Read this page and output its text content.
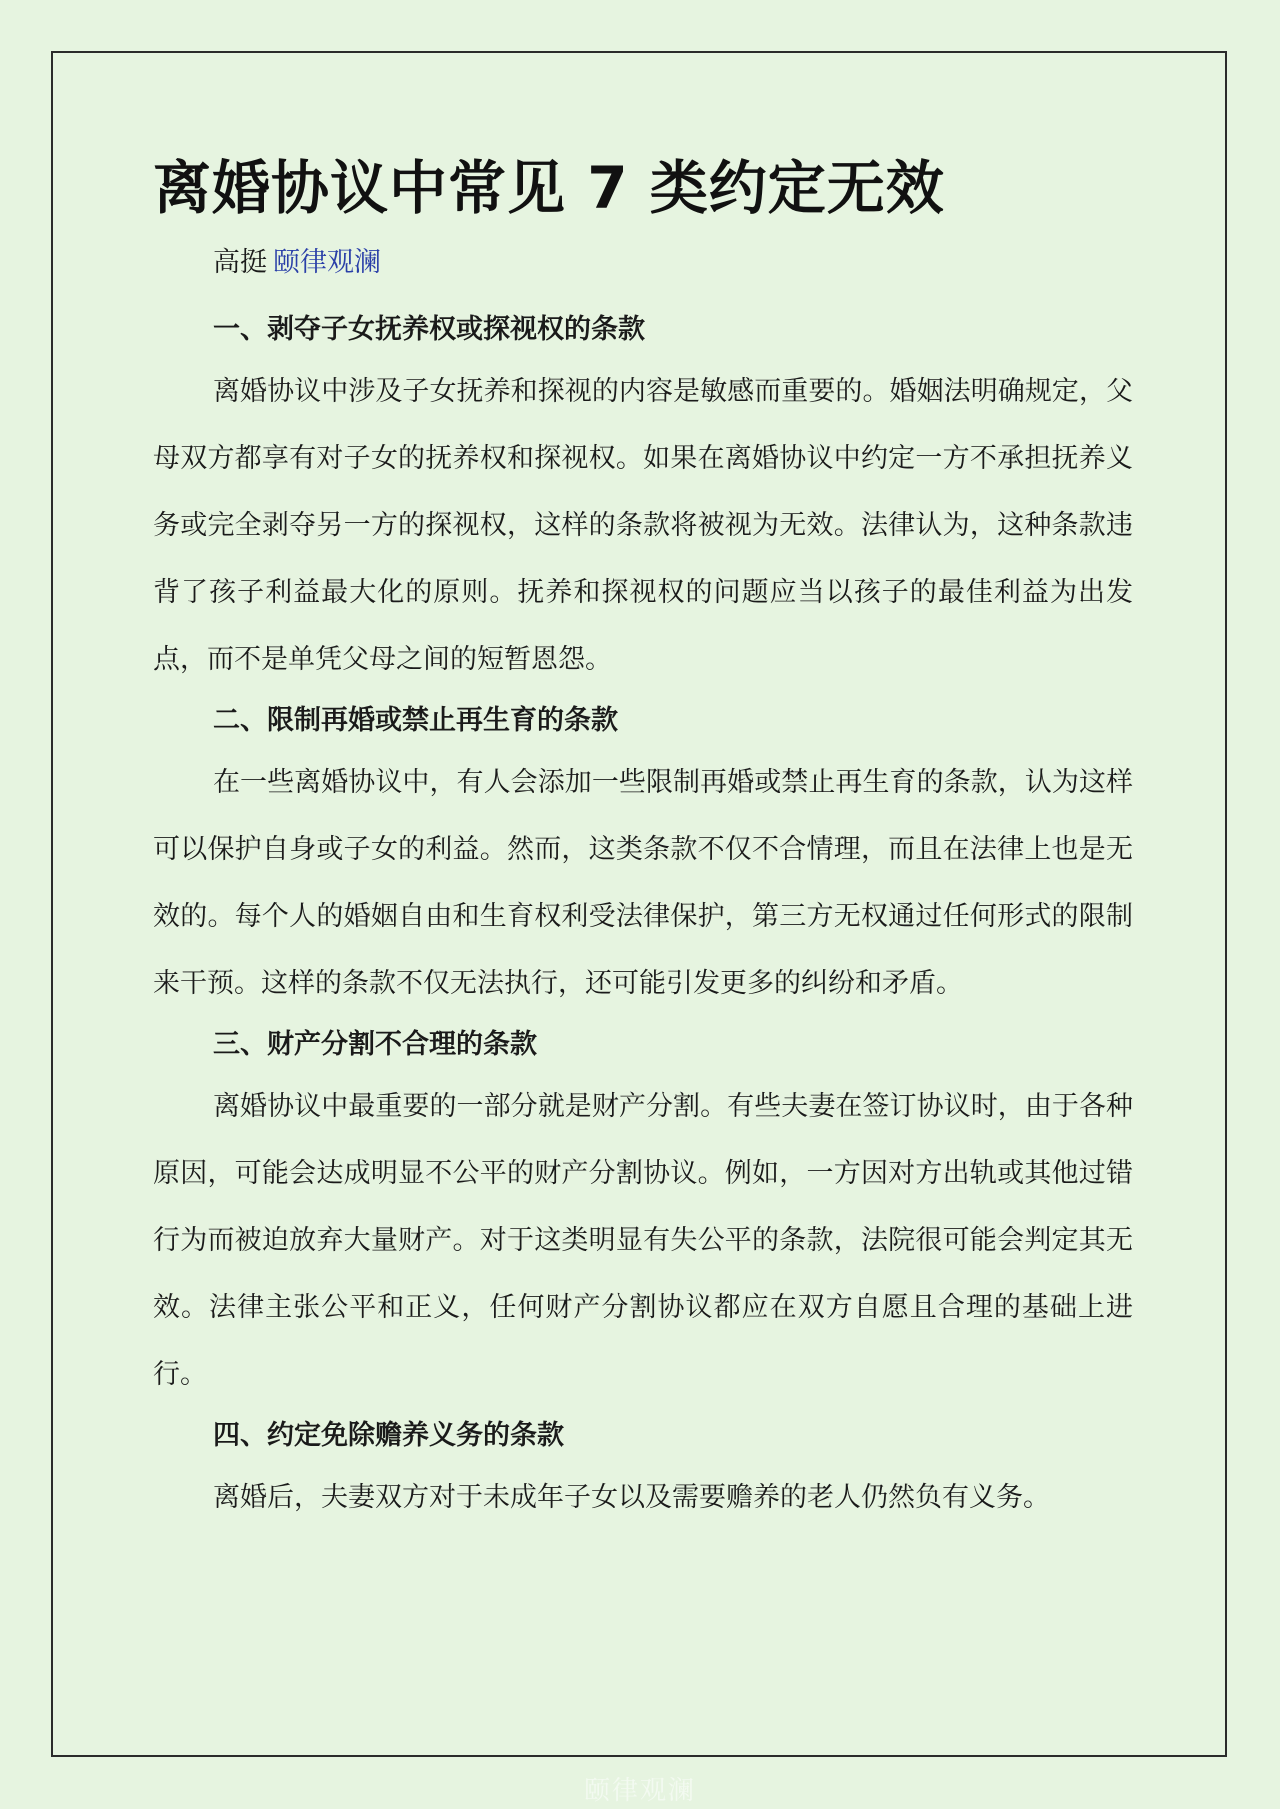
离婚协议中常见 7 类约定无效
高挺 颐律观澜
一、剥夺子女抚养权或探视权的条款

离婚协议中涉及子女抚养和探视的内容是敏感而重要的。婚姻法明确规定，父母双方都享有对子女的抚养权和探视权。如果在离婚协议中约定一方不承担抚养义务或完全剥夺另一方的探视权，这样的条款将被视为无效。法律认为，这种条款违背了孩子利益最大化的原则。抚养和探视权的问题应当以孩子的最佳利益为出发点，而不是单凭父母之间的短暂恩怨。

二、限制再婚或禁止再生育的条款

在一些离婚协议中，有人会添加一些限制再婚或禁止再生育的条款，认为这样可以保护自身或子女的利益。然而，这类条款不仅不合情理，而且在法律上也是无效的。每个人的婚姻自由和生育权利受法律保护，第三方无权通过任何形式的限制来干预。这样的条款不仅无法执行，还可能引发更多的纠纷和矛盾。

三、财产分割不合理的条款

离婚协议中最重要的一部分就是财产分割。有些夫妻在签订协议时，由于各种原因，可能会达成明显不公平的财产分割协议。例如，一方因对方出轨或其他过错行为而被迫放弃大量财产。对于这类明显有失公平的条款，法院很可能会判定其无效。法律主张公平和正义，任何财产分割协议都应在双方自愿且合理的基础上进行。

四、约定免除赡养义务的条款

离婚后，夫妻双方对于未成年子女以及需要赡养的老人仍然负有义务。

颐律观澜
